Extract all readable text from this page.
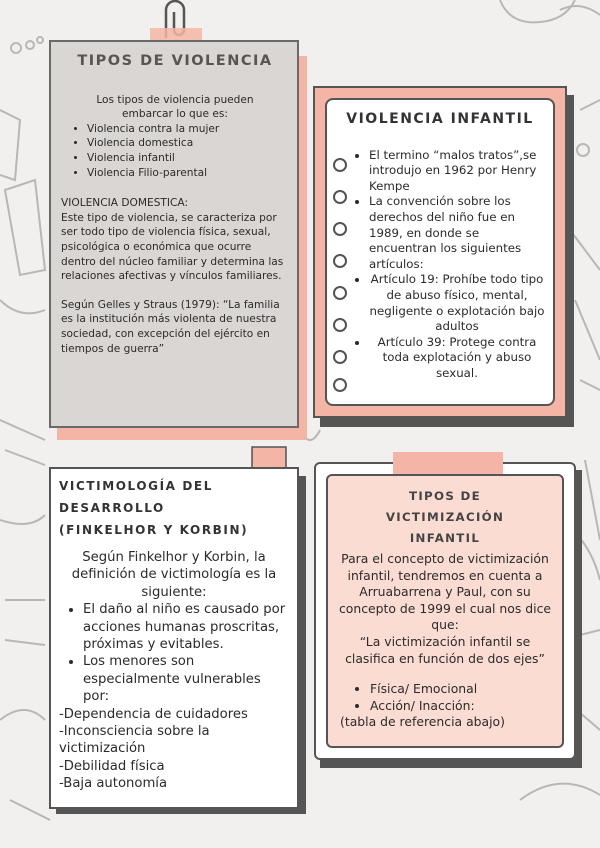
TIPOS DE VIOLENCIA

Los tipos de violencia pueden embarcar lo que es:

• Violencia contra la mujer
• Violencia domestica
• Violencia infantil
• Violencia Filio-parental

VIOLENCIA DOMESTICA:

Este tipo de violencia, se caracteriza por ser todo tipo de violencia física, sexual, psicológica o económica que ocurre dentro del núcleo familiar y determina las relaciones afectivas y vínculos familiares.

Según Gelles y Straus (1979): “La familia es la institución más violenta de nuestra sociedad, con excepción del ejército en tiempos de guerra”

VIOLENCIA INFANTIL
• El termino “malos tratos”,se introdujo en 1962 por Henry Kempe
• La convención sobre los derechos del niño fue en 1989, en donde se encuentran los siguientes artículos:
• Artículo 19: Prohíbe todo tipo de abuso físico, mental, negligente o explotación bajo adultos
• Artículo 39: Protege contra toda explotación y abuso sexual.
VICTIMOLOGÍA DEL DESARROLLO (FINKELHOR Y KORBIN)

Según Finkelhor y Korbin, la definición de victimología es la siguiente:

• El daño al niño es causado por acciones humanas proscritas, próximas y evitables.
• Los menores son especialmente vulnerables por:

-Dependencia de cuidadores

-Inconsciencia sobre la victimización

-Debilidad física

-Baja autonomía

TIPOS DE VICTIMIZACIÓN INFANTIL

Para el concepto de victimización infantil, tendremos en cuenta a Arruabarrena y Paul, con su concepto de 1999 el cual nos dice que:

“La victimización infantil se clasifica en función de dos ejes”

• Física/ Emocional
• Acción/ Inacción:

(tabla de referencia abajo)
